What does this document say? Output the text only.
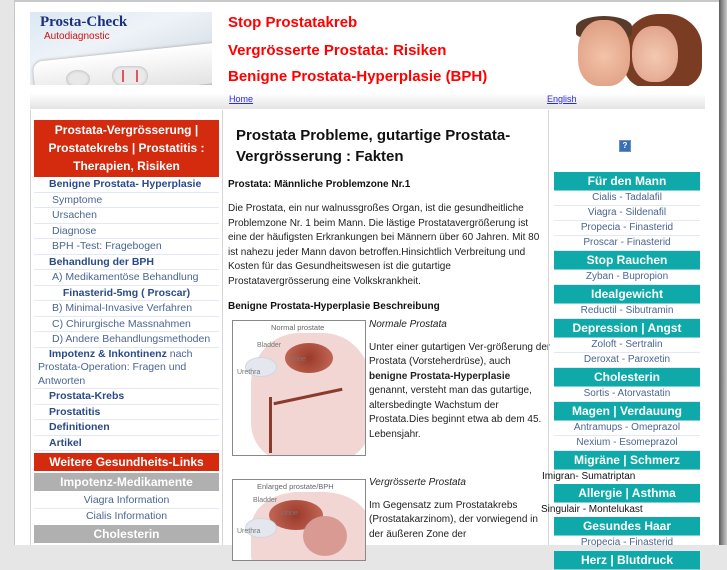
Prosta-Check
Autodiagnostic
Stop Prostatakreb
Vergrösserte Prostata: Risiken
Benigne Prostata-Hyperplasie (BPH)
Home	English
Prostata-Vergrösserung | Prostatekrebs | Prostatitis : Therapien, Risiken
Benigne Prostata- Hyperplasie
Symptome
Ursachen
Diagnose
BPH -Test: Fragebogen
Behandlung der BPH
A) Medikamentöse Behandlung
Finasterid-5mg ( Proscar)
B) Minimal-Invasive Verfahren
C) Chirurgische Massnahmen
D) Andere Behandlungsmethoden
Impotenz & Inkontinenz nach Prostata-Operation: Fragen und Antworten
Prostata-Krebs
Prostatitis
Definitionen
Artikel
Weitere Gesundheits-Links
Impotenz-Medikamente
Viagra Information
Cialis Information
Cholesterin
Prostata Probleme, gutartige Prostata-Vergrösserung : Fakten
Prostata: Männliche Problemzone Nr.1

Die Prostata, ein nur walnussgroßes Organ, ist die gesundheitliche Problemzone Nr. 1 beim Mann. Die lästige Prostatavergrößerung ist eine der häufigsten Erkrankungen bei Männern über 60 Jahren. Mit 80 ist nahezu jeder Mann davon betroffen.Hinsichtlich Verbreitung und Kosten für das Gesundheitswesen ist die gutartige Prostatavergrösserung eine Volkskrankheit.

Benigne Prostata-Hyperplasie Beschreibung
Normal prostate
Bladder
Urine
Urethra
Normale Prostata
Unter einer gutartigen Ver-größerung der Prostata (Vorsteherdrüse), auch benigne Prostata-Hyperplasie genannt, versteht man das gutartige, altersbedingte Wachstum der Prostata.Dies beginnt etwa ab dem 45. Lebensjahr.
Enlarged prostate/BPH
Bladder
Urine
Urethra
Vergrösserte Prostata
Im Gegensatz zum Prostatakrebs (Prostatakarzinom), der vorwiegend in der äußeren Zone der
?
Für den Mann
Cialis - Tadalafil
Viagra - Sildenafil
Propecia - Finasterid
Proscar - Finasterid
Stop Rauchen
Zyban - Bupropion
Idealgewicht
Reductil - Sibutramin
Depression | Angst
Zoloft - Sertralin
Deroxat - Paroxetin
Cholesterin
Sortis - Atorvastatin
Magen | Verdauung
Antramups - Omeprazol
Nexium - Esomeprazol
Migräne | Schmerz
Imigran- Sumatriptan
Allergie | Asthma
Singulair - Montelukast
Gesundes Haar
Propecia - Finasterid
Herz | Blutdruck
